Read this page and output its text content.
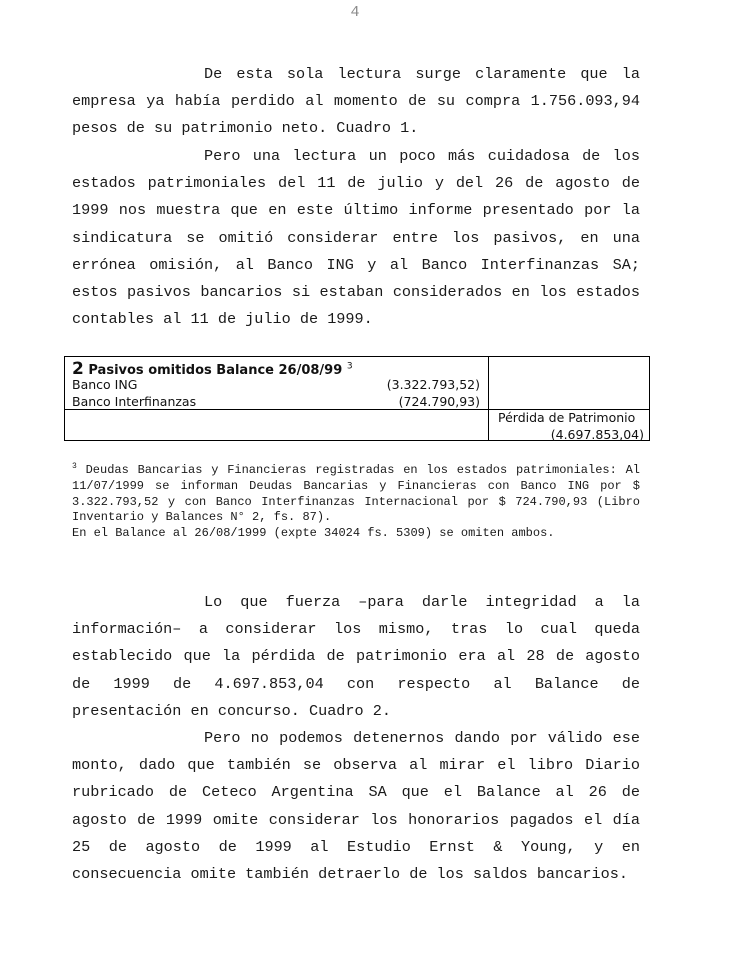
4

De esta sola lectura surge claramente que la empresa ya había perdido al momento de su compra 1.756.093,94 pesos de su patrimonio neto. Cuadro 1.

Pero una lectura un poco más cuidadosa de los estados patrimoniales del 11 de julio y del 26 de agosto de 1999 nos muestra que en este último informe presentado por la sindicatura se omitió considerar entre los pasivos, en una errónea omisión, al Banco ING y al Banco Interfinanzas SA; estos pasivos bancarios si estaban considerados en los estados contables al 11 de julio de 1999.

2 Pasivos omitidos Balance 26/08/99 $^3$
Banco ING	(3.322.793,52)
Banco Interfinanzas	(724.790,93)
Pérdida de Patrimonio
(4.697.853,04)

$^3$ Deudas Bancarias y Financieras registradas en los estados patrimoniales: Al 11/07/1999 se informan Deudas Bancarias y Financieras con Banco ING por $ 3.322.793,52 y con Banco Interfinanzas Internacional por $ 724.790,93 (Libro Inventario y Balances N° 2, fs. 87).
En el Balance al 26/08/1999 (expte 34024 fs. 5309) se omiten ambos.

Lo que fuerza –para darle integridad a la información– a considerar los mismo, tras lo cual queda establecido que la pérdida de patrimonio era al 28 de agosto de 1999 de 4.697.853,04 con respecto al Balance de presentación en concurso. Cuadro 2.

Pero no podemos detenernos dando por válido ese monto, dado que también se observa al mirar el libro Diario rubricado de Ceteco Argentina SA que el Balance al 26 de agosto de 1999 omite considerar los honorarios pagados el día 25 de agosto de 1999 al Estudio Ernst & Young, y en consecuencia omite también detraerlo de los saldos bancarios.
